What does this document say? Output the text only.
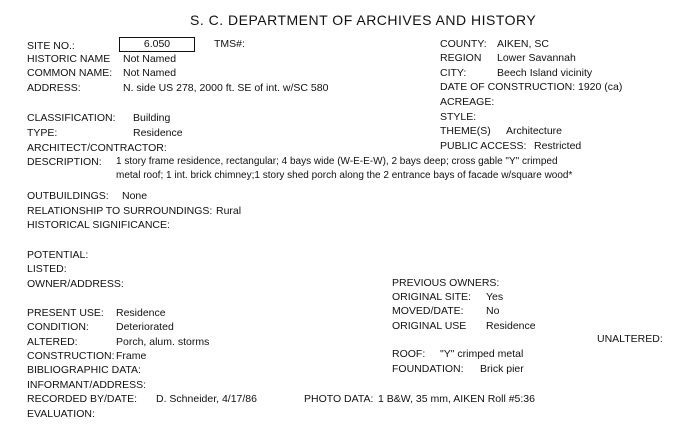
S. C. DEPARTMENT OF ARCHIVES AND HISTORY
SITE NO.:	6.050	TMS#:
HISTORIC NAME Not Named
COMMON NAME: Not Named
ADDRESS:	N. side US 278, 2000 ft. SE of int. w/SC 580
CLASSIFICATION: Building
TYPE:	Residence
ARCHITECT/CONTRACTOR:
DESCRIPTION: 1 story frame residence, rectangular; 4 bays wide (W-E-E-W), 2 bays deep; cross gable "Y" crimped
metal roof; 1 int. brick chimney;1 story shed porch along the 2 entrance bays of facade w/square wood*
OUTBUILDINGS: None
RELATIONSHIP TO SURROUNDINGS: Rural
HISTORICAL SIGNIFICANCE:
POTENTIAL:
LISTED:
OWNER/ADDRESS:
PRESENT USE: Residence
CONDITION:	Deteriorated
ALTERED:	Porch, alum. storms
CONSTRUCTION: Frame
BIBLIOGRAPHIC DATA:
INFORMANT/ADDRESS:
RECORDED BY/DATE: D. Schneider, 4/17/86
EVALUATION:
COUNTY: AIKEN, SC
REGION Lower Savannah
CITY:	Beech Island vicinity
DATE OF CONSTRUCTION: 1920 (ca)
ACREAGE:
STYLE:
THEME(S) Architecture
PUBLIC ACCESS: Restricted
PREVIOUS OWNERS:
ORIGINAL SITE: Yes
MOVED/DATE: No
ORIGINAL USE Residence
UNALTERED:
ROOF: "Y" crimped metal
FOUNDATION: Brick pier
PHOTO DATA: 1 B&W, 35 mm, AIKEN Roll #5:36
